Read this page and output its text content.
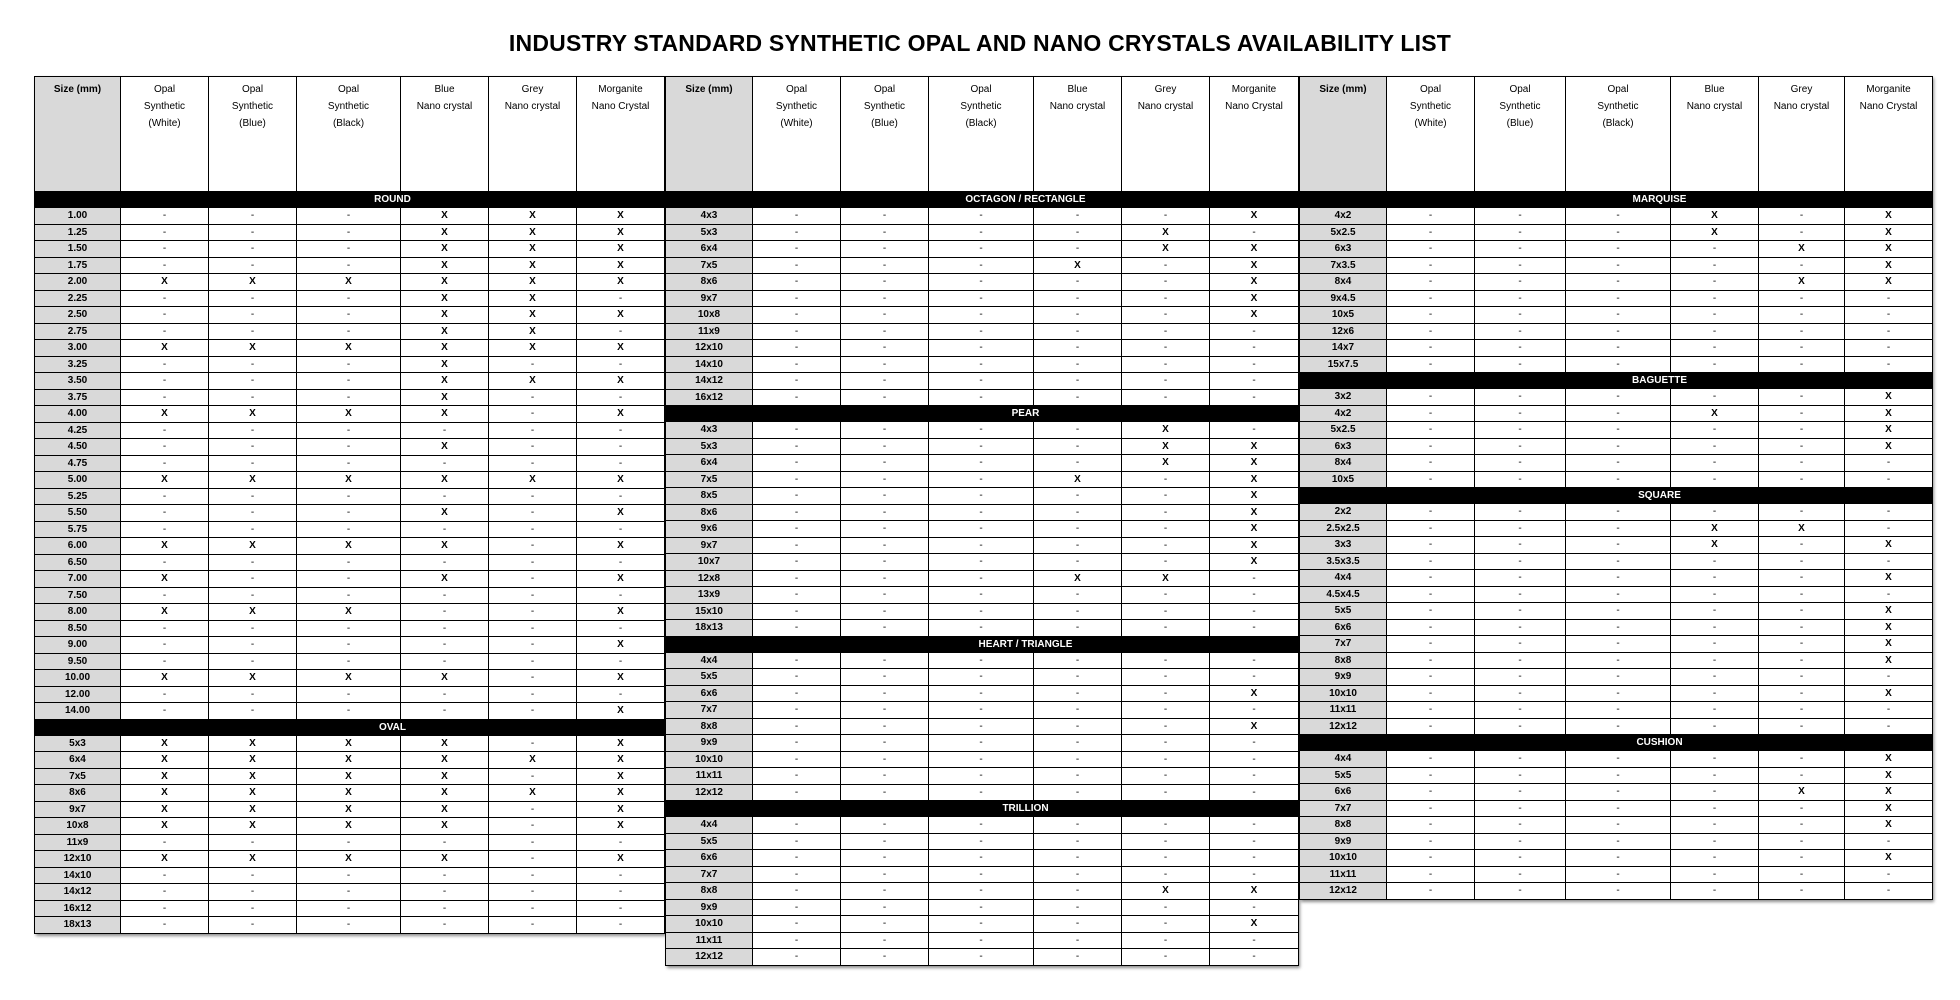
INDUSTRY STANDARD SYNTHETIC OPAL AND NANO CRYSTALS AVAILABILITY LIST
Size (mm)	Opal
Synthetic
(White)	Opal
Synthetic
(Blue)	Opal
Synthetic
(Black)	Blue
Nano crystal	Grey
Nano crystal	Morganite
Nano Crystal
	ROUND					
1.00	-	-	-	X	X	X
1.25	-	-	-	X	X	X
1.50	-	-	-	X	X	X
1.75	-	-	-	X	X	X
2.00	X	X	X	X	X	X
2.25	-	-	-	X	X	-
2.50	-	-	-	X	X	X
2.75	-	-	-	X	X	-
3.00	X	X	X	X	X	X
3.25	-	-	-	X	-	-
3.50	-	-	-	X	X	X
3.75	-	-	-	X	-	-
4.00	X	X	X	X	-	X
4.25	-	-	-	-	-	-
4.50	-	-	-	X	-	-
4.75	-	-	-	-	-	-
5.00	X	X	X	X	X	X
5.25	-	-	-	-	-	-
5.50	-	-	-	X	-	X
5.75	-	-	-	-	-	-
6.00	X	X	X	X	-	X
6.50	-	-	-	-	-	-
7.00	X	-	-	X	-	X
7.50	-	-	-	-	-	-
8.00	X	X	X	-	-	X
8.50	-	-	-	-	-	-
9.00	-	-	-	-	-	X
9.50	-	-	-	-	-	-
10.00	X	X	X	X	-	X
12.00	-	-	-	-	-	-
14.00	-	-	-	-	-	X
	OVAL					
5x3	X	X	X	X	-	X
6x4	X	X	X	X	X	X
7x5	X	X	X	X	-	X
8x6	X	X	X	X	X	X
9x7	X	X	X	X	-	X
10x8	X	X	X	X	-	X
11x9	-	-	-	-	-	-
12x10	X	X	X	X	-	X
14x10	-	-	-	-	-	-
14x12	-	-	-	-	-	-
16x12	-	-	-	-	-	-
18x13	-	-	-	-	-	-
Size (mm)	Opal
Synthetic
(White)	Opal
Synthetic
(Blue)	Opal
Synthetic
(Black)	Blue
Nano crystal	Grey
Nano crystal	Morganite
Nano Crystal
	OCTAGON / RECTANGLE					
4x3	-	-	-	-	-	X
5x3	-	-	-	-	X	-
6x4	-	-	-	-	X	X
7x5	-	-	-	X	-	X
8x6	-	-	-	-	-	X
9x7	-	-	-	-	-	X
10x8	-	-	-	-	-	X
11x9	-	-	-	-	-	-
12x10	-	-	-	-	-	-
14x10	-	-	-	-	-	-
14x12	-	-	-	-	-	-
16x12	-	-	-	-	-	-
	PEAR					
4x3	-	-	-	-	X	-
5x3	-	-	-	-	X	X
6x4	-	-	-	-	X	X
7x5	-	-	-	X	-	X
8x5	-	-	-	-	-	X
8x6	-	-	-	-	-	X
9x6	-	-	-	-	-	X
9x7	-	-	-	-	-	X
10x7	-	-	-	-	-	X
12x8	-	-	-	X	X	-
13x9	-	-	-	-	-	-
15x10	-	-	-	-	-	-
18x13	-	-	-	-	-	-
	HEART / TRIANGLE					
4x4	-	-	-	-	-	-
5x5	-	-	-	-	-	-
6x6	-	-	-	-	-	X
7x7	-	-	-	-	-	-
8x8	-	-	-	-	-	X
9x9	-	-	-	-	-	-
10x10	-	-	-	-	-	-
11x11	-	-	-	-	-	-
12x12	-	-	-	-	-	-
	TRILLION					
4x4	-	-	-	-	-	-
5x5	-	-	-	-	-	-
6x6	-	-	-	-	-	-
7x7	-	-	-	-	-	-
8x8	-	-	-	-	X	X
9x9	-	-	-	-	-	-
10x10	-	-	-	-	-	X
11x11	-	-	-	-	-	-
12x12	-	-	-	-	-	-
Size (mm)	Opal
Synthetic
(White)	Opal
Synthetic
(Blue)	Opal
Synthetic
(Black)	Blue
Nano crystal	Grey
Nano crystal	Morganite
Nano Crystal
	MARQUISE					
4x2	-	-	-	X	-	X
5x2.5	-	-	-	X	-	X
6x3	-	-	-	-	X	X
7x3.5	-	-	-	-	-	X
8x4	-	-	-	-	X	X
9x4.5	-	-	-	-	-	-
10x5	-	-	-	-	-	-
12x6	-	-	-	-	-	-
14x7	-	-	-	-	-	-
15x7.5	-	-	-	-	-	-
	BAGUETTE					
3x2	-	-	-	-	-	X
4x2	-	-	-	X	-	X
5x2.5	-	-	-	-	-	X
6x3	-	-	-	-	-	X
8x4	-	-	-	-	-	-
10x5	-	-	-	-	-	-
	SQUARE					
2x2	-	-	-	-	-	-
2.5x2.5	-	-	-	X	X	-
3x3	-	-	-	X	-	X
3.5x3.5	-	-	-	-	-	-
4x4	-	-	-	-	-	X
4.5x4.5	-	-	-	-	-	-
5x5	-	-	-	-	-	X
6x6	-	-	-	-	-	X
7x7	-	-	-	-	-	X
8x8	-	-	-	-	-	X
9x9	-	-	-	-	-	-
10x10	-	-	-	-	-	X
11x11	-	-	-	-	-	-
12x12	-	-	-	-	-	-
	CUSHION					
4x4	-	-	-	-	-	X
5x5	-	-	-	-	-	X
6x6	-	-	-	-	X	X
7x7	-	-	-	-	-	X
8x8	-	-	-	-	-	X
9x9	-	-	-	-	-	-
10x10	-	-	-	-	-	X
11x11	-	-	-	-	-	-
12x12	-	-	-	-	-	-
